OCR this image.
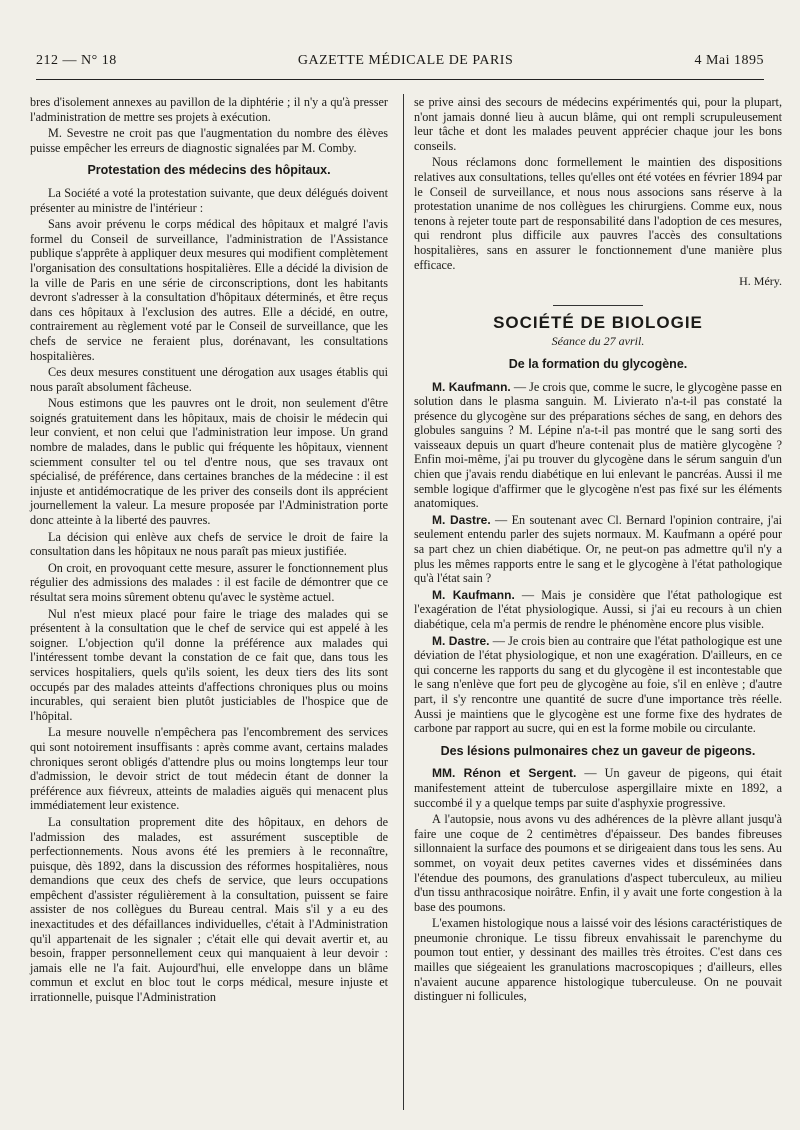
212 — N° 18	GAZETTE MÉDICALE DE PARIS	4 Mai 1895

bres d'isolement annexes au pavillon de la diphtérie ; il n'y a qu'à presser l'administration de mettre ses projets à exécution.

M. Sevestre ne croit pas que l'augmentation du nombre des élèves puisse empêcher les erreurs de diagnostic signalées par M. Comby.

Protestation des médecins des hôpitaux.

La Société a voté la protestation suivante, que deux délégués doivent présenter au ministre de l'intérieur :

Sans avoir prévenu le corps médical des hôpitaux et malgré l'avis formel du Conseil de surveillance, l'administration de l'Assistance publique s'apprête à appliquer deux mesures qui modifient complètement l'organisation des consultations hospitalières. Elle a décidé la division de la ville de Paris en une série de circonscriptions, dont les habitants devront s'adresser à la consultation d'hôpitaux déterminés, et être reçus dans ces hôpitaux à l'exclusion des autres. Elle a décidé, en outre, contrairement au règlement voté par le Conseil de surveillance, que les chefs de service ne feraient plus, dorénavant, les consultations hospitalières.

Ces deux mesures constituent une dérogation aux usages établis qui nous paraît absolument fâcheuse.

Nous estimons que les pauvres ont le droit, non seulement d'être soignés gratuitement dans les hôpitaux, mais de choisir le médecin qui leur convient, et non celui que l'administration leur impose. Un grand nombre de malades, dans le public qui fréquente les hôpitaux, viennent sciemment consulter tel ou tel d'entre nous, que ses travaux ont spécialisé, de préférence, dans certaines branches de la médecine : il est injuste et antidémocratique de les priver des conseils dont ils apprécient journellement la valeur. La mesure proposée par l'Administration porte donc atteinte à la liberté des pauvres.

La décision qui enlève aux chefs de service le droit de faire la consultation dans les hôpitaux ne nous paraît pas mieux justifiée.

On croit, en provoquant cette mesure, assurer le fonctionnement plus régulier des admissions des malades : il est facile de démontrer que ce résultat sera moins sûrement obtenu qu'avec le système actuel.

Nul n'est mieux placé pour faire le triage des malades qui se présentent à la consultation que le chef de service qui est appelé à les soigner. L'objection qu'il donne la préférence aux malades qui l'intéressent tombe devant la constation de ce fait que, dans tous les services hospitaliers, quels qu'ils soient, les deux tiers des lits sont occupés par des malades atteints d'affections chroniques plus ou moins incurables, qui seraient bien plutôt justiciables de l'hospice que de l'hôpital.

La mesure nouvelle n'empêchera pas l'encombrement des services qui sont notoirement insuffisants : après comme avant, certains malades chroniques seront obligés d'attendre plus ou moins longtemps leur tour d'admission, le devoir strict de tout médecin étant de donner la préférence aux fiévreux, atteints de maladies aiguës qui menacent plus immédiatement leur existence.

La consultation proprement dite des hôpitaux, en dehors de l'admission des malades, est assurément susceptible de perfectionnements. Nous avons été les premiers à le reconnaître, puisque, dès 1892, dans la discussion des réformes hospitalières, nous demandions que ceux des chefs de service, que leurs occupations empêchent d'assister régulièrement à la consultation, puissent se faire assister de nos collègues du Bureau central. Mais s'il y a eu des inexactitudes et des défaillances individuelles, c'était à l'Administration qu'il appartenait de les signaler ; c'était elle qui devait avertir et, au besoin, frapper personnellement ceux qui manquaient à leur devoir : jamais elle ne l'a fait. Aujourd'hui, elle enveloppe dans un blâme commun et exclut en bloc tout le corps médical, mesure injuste et irrationnelle, puisque l'Administration

se prive ainsi des secours de médecins expérimentés qui, pour la plupart, n'ont jamais donné lieu à aucun blâme, qui ont rempli scrupuleusement leur tâche et dont les malades peuvent apprécier chaque jour les bons conseils.

Nous réclamons donc formellement le maintien des dispositions relatives aux consultations, telles qu'elles ont été votées en février 1894 par le Conseil de surveillance, et nous nous associons sans réserve à la protestation unanime de nos collègues les chirurgiens. Comme eux, nous tenons à rejeter toute part de responsabilité dans l'adoption de ces mesures, qui rendront plus difficile aux pauvres l'accès des consultations hospitalières, sans en assurer le fonctionnement d'une manière plus efficace.

H. Méry.
SOCIÉTÉ DE BIOLOGIE
Séance du 27 avril.
De la formation du glycogène.

M. Kaufmann. — Je crois que, comme le sucre, le glycogène passe en solution dans le plasma sanguin. M. Livierato n'a-t-il pas constaté la présence du glycogène sur des préparations séches de sang, en dehors des globules sanguins ? M. Lépine n'a-t-il pas montré que le sang sorti des vaisseaux depuis un quart d'heure contenait plus de matière glycogène ? Enfin moi-même, j'ai pu trouver du glycogène dans le sérum sanguin d'un chien que j'avais rendu diabétique en lui enlevant le pancréas. Aussi il me semble logique d'affirmer que le glycogène n'est pas fixé sur les éléments anatomiques.

M. Dastre. — En soutenant avec Cl. Bernard l'opinion contraire, j'ai seulement entendu parler des sujets normaux. M. Kaufmann a opéré pour sa part chez un chien diabétique. Or, ne peut-on pas admettre qu'il n'y a plus les mêmes rapports entre le sang et le glycogène à l'état pathologique qu'à l'état sain ?

M. Kaufmann. — Mais je considère que l'état pathologique est l'exagération de l'état physiologique. Aussi, si j'ai eu recours à un chien diabétique, cela m'a permis de rendre le phénomène encore plus visible.

M. Dastre. — Je crois bien au contraire que l'état pathologique est une déviation de l'état physiologique, et non une exagération. D'ailleurs, en ce qui concerne les rapports du sang et du glycogène il est incontestable que le sang n'enlève que fort peu de glycogène au foie, s'il en enlève ; d'autre part, il s'y rencontre une quantité de sucre d'une importance très réelle. Aussi je maintiens que le glycogène est une forme fixe des hydrates de carbone par rapport au sucre, qui en est la forme mobile ou circulante.

Des lésions pulmonaires chez un gaveur de pigeons.

MM. Rénon et Sergent. — Un gaveur de pigeons, qui était manifestement atteint de tuberculose aspergillaire mixte en 1892, a succombé il y a quelque temps par suite d'asphyxie progressive.

A l'autopsie, nous avons vu des adhérences de la plèvre allant jusqu'à faire une coque de 2 centimètres d'épaisseur. Des bandes fibreuses sillonnaient la surface des poumons et se dirigeaient dans tous les sens. Au sommet, on voyait deux petites cavernes vides et disséminées dans l'étendue des poumons, des granulations d'aspect tuberculeux, au milieu d'un tissu anthracosique noirâtre. Enfin, il y avait une forte congestion à la base des poumons.

L'examen histologique nous a laissé voir des lésions caractéristiques de pneumonie chronique. Le tissu fibreux envahissait le parenchyme du poumon tout entier, y dessinant des mailles très étroites. C'est dans ces mailles que siégeaient les granulations macroscopiques ; d'ailleurs, elles n'avaient aucune apparence histologique tuberculeuse. On ne pouvait distinguer ni follicules,
